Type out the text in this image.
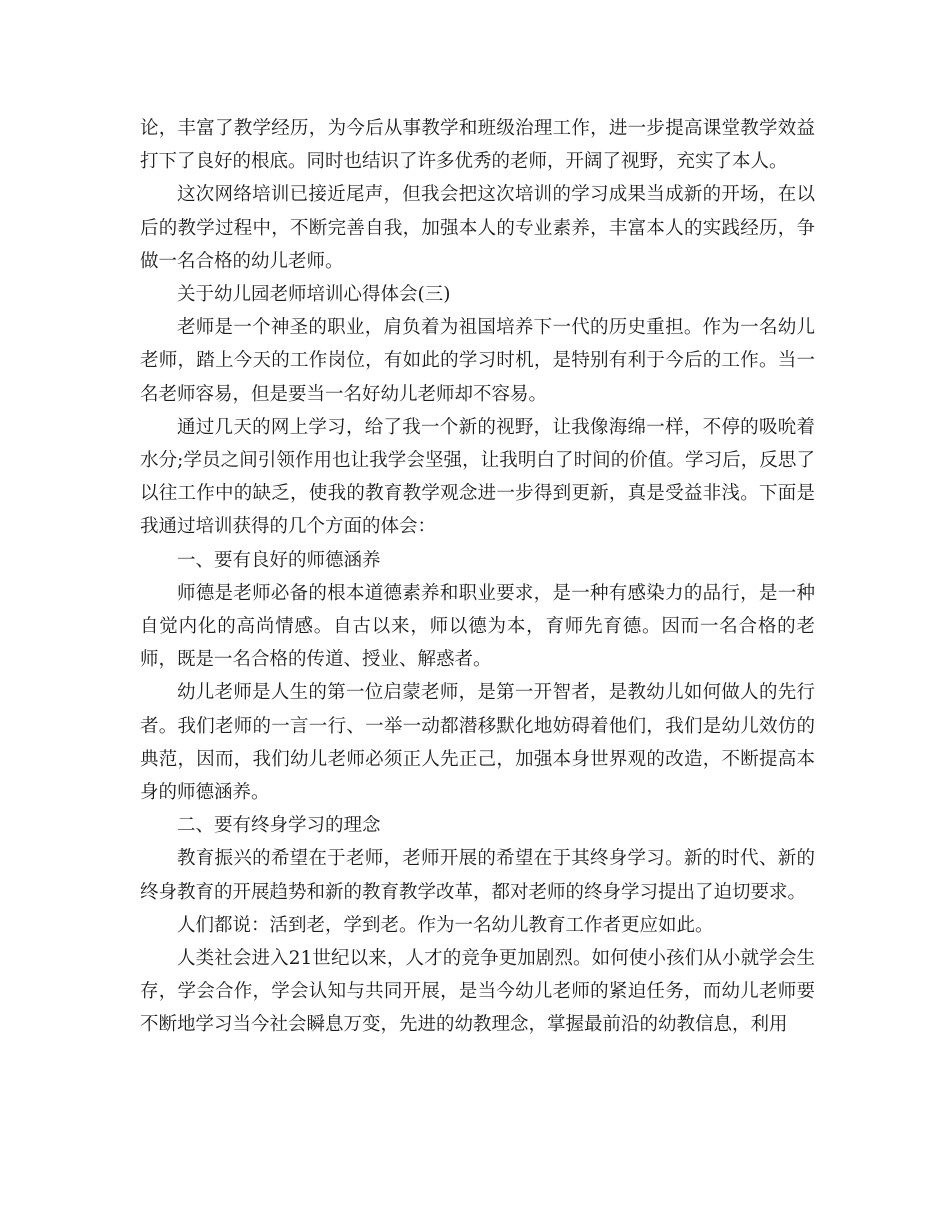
论，丰富了教学经历，为今后从事教学和班级治理工作，进一步提高课堂教学效益打下了良好的根底。同时也结识了许多优秀的老师，开阔了视野，充实了本人。

这次网络培训已接近尾声，但我会把这次培训的学习成果当成新的开场，在以后的教学过程中，不断完善自我，加强本人的专业素养，丰富本人的实践经历，争做一名合格的幼儿老师。

关于幼儿园老师培训心得体会(三)

老师是一个神圣的职业，肩负着为祖国培养下一代的历史重担。作为一名幼儿老师，踏上今天的工作岗位，有如此的学习时机，是特别有利于今后的工作。当一名老师容易，但是要当一名好幼儿老师却不容易。

通过几天的网上学习，给了我一个新的视野，让我像海绵一样，不停的吸吮着水分;学员之间引领作用也让我学会坚强，让我明白了时间的价值。学习后，反思了以往工作中的缺乏，使我的教育教学观念进一步得到更新，真是受益非浅。下面是我通过培训获得的几个方面的体会：

一、要有良好的师德涵养

师德是老师必备的根本道德素养和职业要求，是一种有感染力的品行，是一种自觉内化的高尚情感。自古以来，师以德为本，育师先育德。因而一名合格的老师，既是一名合格的传道、授业、解惑者。

幼儿老师是人生的第一位启蒙老师，是第一开智者，是教幼儿如何做人的先行者。我们老师的一言一行、一举一动都潜移默化地妨碍着他们，我们是幼儿效仿的典范，因而，我们幼儿老师必须正人先正己，加强本身世界观的改造，不断提高本身的师德涵养。

二、要有终身学习的理念

教育振兴的希望在于老师，老师开展的希望在于其终身学习。新的时代、新的终身教育的开展趋势和新的教育教学改革，都对老师的终身学习提出了迫切要求。

人们都说：活到老，学到老。作为一名幼儿教育工作者更应如此。

人类社会进入21世纪以来，人才的竞争更加剧烈。如何使小孩们从小就学会生存，学会合作，学会认知与共同开展，是当今幼儿老师的紧迫任务，而幼儿老师要不断地学习当今社会瞬息万变，先进的幼教理念，掌握最前沿的幼教信息，利用
